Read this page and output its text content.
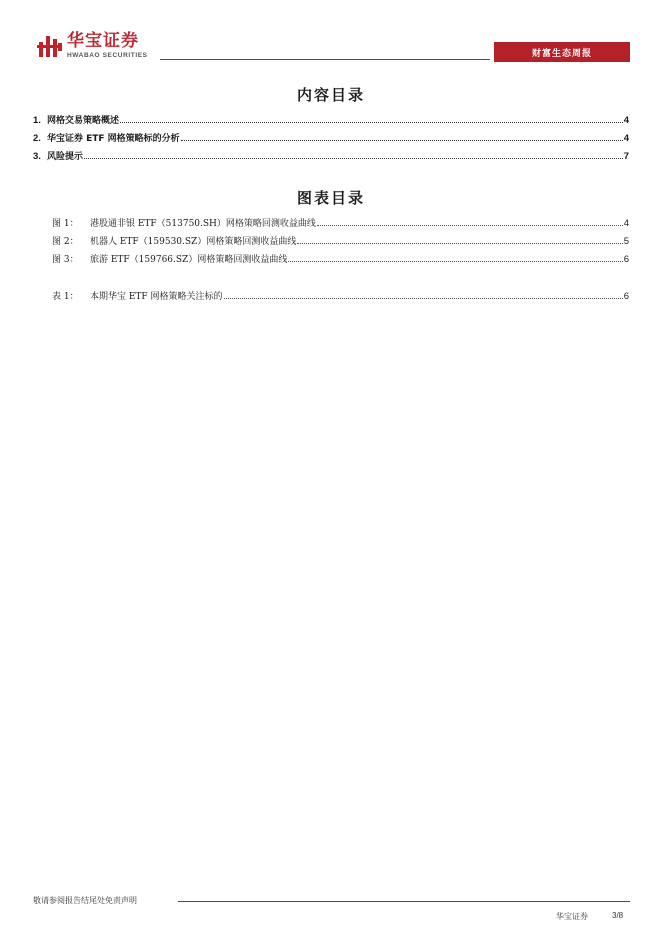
华宝证券
HWABAO SECURITIES	财富生态周报
内容目录
1. 网格交易策略概述	4
2. 华宝证券 ETF 网格策略标的分析	4
3. 风险提示	7
图表目录
图 1：	港股通非银 ETF（513750.SH）网格策略回测收益曲线	4
图 2：	机器人 ETF（159530.SZ）网格策略回测收益曲线	5
图 3：	旅游 ETF（159766.SZ）网格策略回测收益曲线	6
表 1：	本期华宝 ETF 网格策略关注标的	6
敬请参阅报告结尾处免责声明
华宝证券	3/8
